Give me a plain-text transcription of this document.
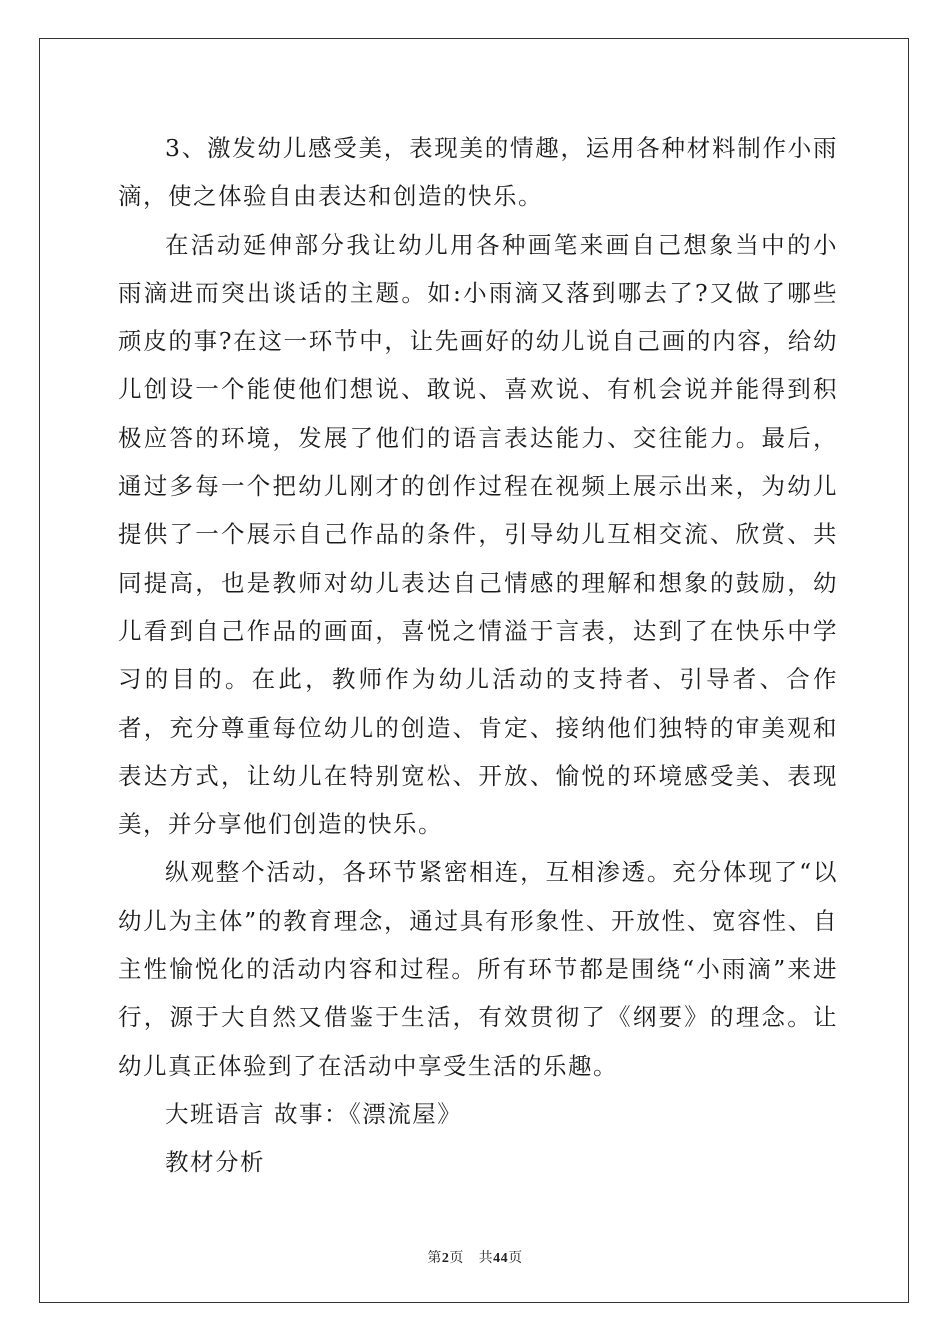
3、激发幼儿感受美，表现美的情趣，运用各种材料制作小雨滴，使之体验自由表达和创造的快乐。

在活动延伸部分我让幼儿用各种画笔来画自己想象当中的小雨滴进而突出谈话的主题。如:小雨滴又落到哪去了?又做了哪些顽皮的事?在这一环节中，让先画好的幼儿说自己画的内容，给幼儿创设一个能使他们想说、敢说、喜欢说、有机会说并能得到积极应答的环境，发展了他们的语言表达能力、交往能力。最后，通过多每一个把幼儿刚才的创作过程在视频上展示出来，为幼儿提供了一个展示自己作品的条件，引导幼儿互相交流、欣赏、共同提高，也是教师对幼儿表达自己情感的理解和想象的鼓励，幼儿看到自己作品的画面，喜悦之情溢于言表，达到了在快乐中学习的目的。在此，教师作为幼儿活动的支持者、引导者、合作者，充分尊重每位幼儿的创造、肯定、接纳他们独特的审美观和表达方式，让幼儿在特别宽松、开放、愉悦的环境感受美、表现美，并分享他们创造的快乐。

纵观整个活动，各环节紧密相连，互相渗透。充分体现了“以幼儿为主体”的教育理念，通过具有形象性、开放性、宽容性、自主性愉悦化的活动内容和过程。所有环节都是围绕“小雨滴”来进行，源于大自然又借鉴于生活，有效贯彻了《纲要》的理念。让幼儿真正体验到了在活动中享受生活的乐趣。

大班语言 故事：《漂流屋》

教材分析

第2页 共44页
